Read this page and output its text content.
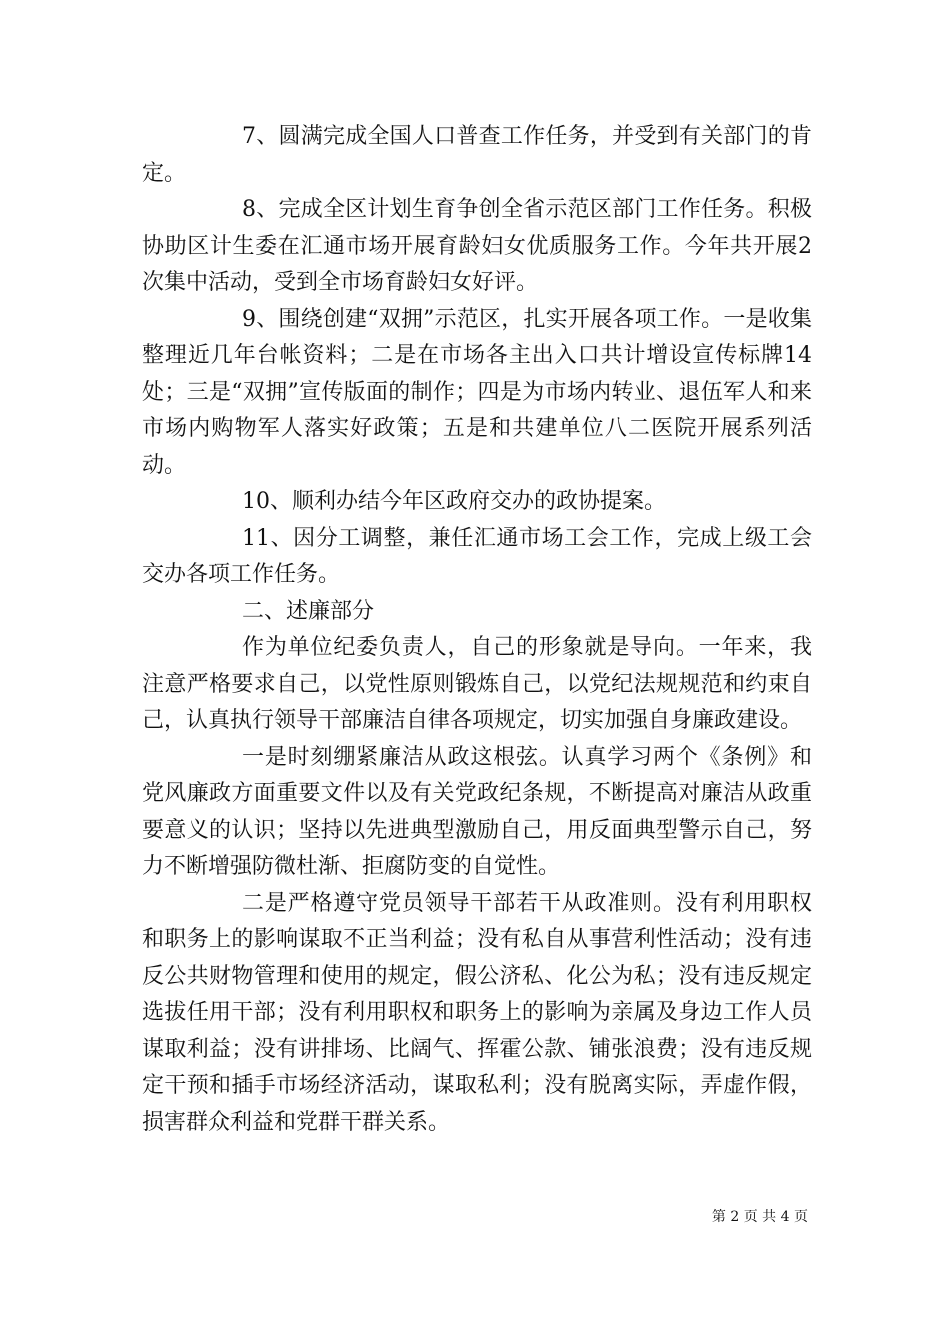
7、圆满完成全国人口普查工作任务，并受到有关部门的肯定。

8、完成全区计划生育争创全省示范区部门工作任务。积极协助区计生委在汇通市场开展育龄妇女优质服务工作。今年共开展2次集中活动，受到全市场育龄妇女好评。

9、围绕创建“双拥”示范区，扎实开展各项工作。一是收集整理近几年台帐资料；二是在市场各主出入口共计增设宣传标牌14处；三是“双拥”宣传版面的制作；四是为市场内转业、退伍军人和来市场内购物军人落实好政策；五是和共建单位八二医院开展系列活动。

10、顺利办结今年区政府交办的政协提案。

11、因分工调整，兼任汇通市场工会工作，完成上级工会交办各项工作任务。

二、述廉部分

作为单位纪委负责人，自己的形象就是导向。一年来，我注意严格要求自己，以党性原则锻炼自己，以党纪法规规范和约束自己，认真执行领导干部廉洁自律各项规定，切实加强自身廉政建设。

一是时刻绷紧廉洁从政这根弦。认真学习两个《条例》和党风廉政方面重要文件以及有关党政纪条规，不断提高对廉洁从政重要意义的认识；坚持以先进典型激励自己，用反面典型警示自己，努力不断增强防微杜渐、拒腐防变的自觉性。

二是严格遵守党员领导干部若干从政准则。没有利用职权和职务上的影响谋取不正当利益；没有私自从事营利性活动；没有违反公共财物管理和使用的规定，假公济私、化公为私；没有违反规定选拔任用干部；没有利用职权和职务上的影响为亲属及身边工作人员谋取利益；没有讲排场、比阔气、挥霍公款、铺张浪费；没有违反规定干预和插手市场经济活动，谋取私利；没有脱离实际，弄虚作假，损害群众利益和党群干群关系。

第 2 页 共 4 页
